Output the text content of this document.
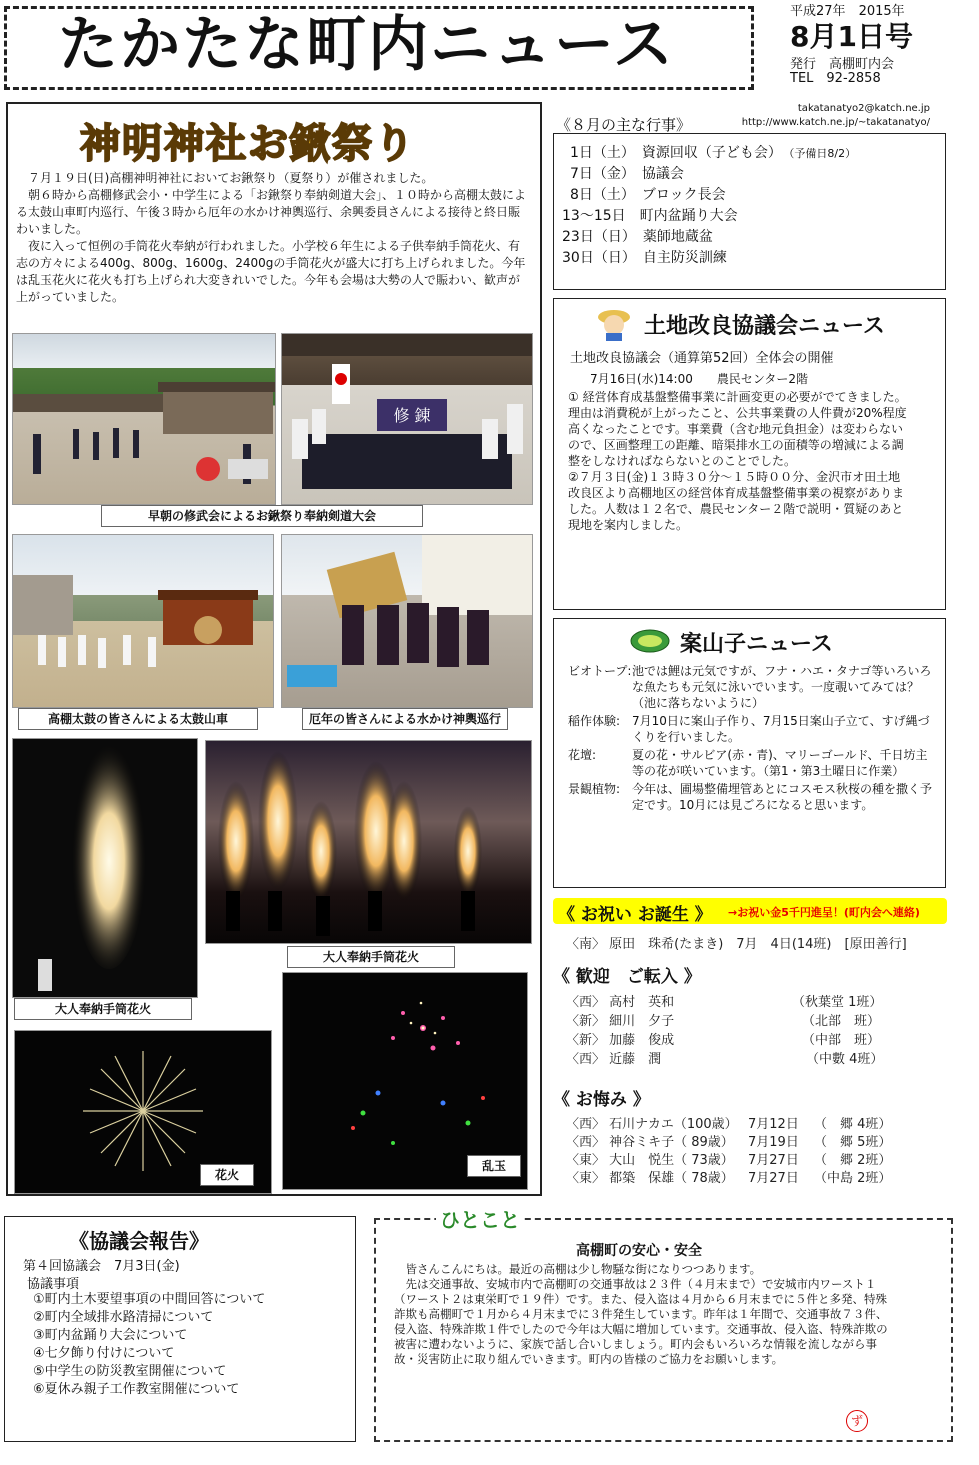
たかたな町内ニュース	平成27年　 2015年
8月1日号
発行　高棚町内会
TEL　92-2858
takatanatyo2@katch.ne.jp
http://www.katch.ne.jp/~takatanatyo/
神明神社お鍬祭り
７月１９日(日)高棚神明神社においてお鍬祭り（夏祭り）が催されました。
朝６時から高棚修武会小・中学生による「お鍬祭り奉納剣道大会」、１０時から高棚太鼓による太鼓山車町内巡行、午後３時から厄年の水かけ神輿巡行、余興委員さんによる接待と終日賑わいました。
夜に入って恒例の手筒花火奉納が行われました。小学校６年生による子供奉納手筒花火、有志の方々による400g、800g、1600g、2400gの手筒花火が盛大に打ち上げられました。今年は乱玉花火に花火も打ち上げられ大変きれいでした。今年も会場は大勢の人で賑わい、歓声が上がっていました。
修 錬
早朝の修武会によるお鍬祭り奉納剣道大会
高棚太鼓の皆さんによる太鼓山車	厄年の皆さんによる水かけ神輿巡行
大人奉納手筒花火
大人奉納手筒花火
花火
乱玉
《８月の主な行事》
1日（土）　 資源回収（子ども会）　 （予備日8/2）
7日（金）　 協議会
8日（土）　 ブロック長会
13～15日　 町内盆踊り大会
23日（日）　 薬師地蔵盆
30日（日）　 自主防災訓練
土地改良協議会ニュース
土地改良協議会（通算第52回）全体会の開催
7月16日(水)14:00　　農民センター2階
① 経営体育成基盤整備事業に計画変更の必要がでてきました。理由は消費税が上がったこと、公共事業費の人件費が20%程度高くなったことです。事業費（含む地元負担金）は変わらないので、区画整理工の距離、暗渠排水工の面積等の増減による調整をしなければならないとのことでした。
②７月３日(金)１３時３０分～１５時００分、金沢市オ田土地改良区より高棚地区の経営体育成基盤整備事業の視察がありました。人数は１２名で、農民センター２階で説明・質疑のあと現地を案内しました。
案山子ニュース
ビオトープ: 池では鯉は元気ですが、フナ・ハエ・タナゴ等いろいろな魚たちも元気に泳いでいます。一度覗いてみては？（池に落ちないように）
稲作体験: 7月10日に案山子作り、7月15日案山子立て、すげ縄づくりを行いました。
花壇:	夏の花・サルビア(赤・青)、マリーゴールド、千日坊主等の花が咲いています。（第1・第3土曜日に作業）
景観植物: 今年は、圃場整備埋管あとにコスモス秋桜の種を撒く予定です。10月には見ごろになると思います。
《 お祝い お誕生 》 →お祝い金5千円進呈！(町内会へ連絡)
〈南〉 原田　珠希(たまき)　7月　4日(14班)　[原田善行]
《 歓迎　ご転入 》
〈西〉 高村　英和	（秋葉堂 1班）
〈新〉 細川　夕子	（北部　班）
〈新〉 加藤　俊成	（中部　班）
〈西〉 近藤　潤	（中數 4班）
《 お悔み 》
〈西〉 石川ナカエ（100歳） 7月12日 （　郷 4班）
〈西〉 神谷ミキ子（ 89歳） 7月19日 （　郷 5班）
〈東〉 大山　悦生（ 73歳） 7月27日 （　郷 2班）
〈東〉 都築　保雄（ 78歳） 7月27日 （中島 2班）
《協議会報告》
第４回協議会　7月3日(金)
協議事項
①町内土木要望事項の中間回答について
②町内全域排水路清掃について
③町内盆踊り大会について
④七夕飾り付けについて
⑤中学生の防災教室開催について
⑥夏休み親子工作教室開催について
高棚町の安心・安全
皆さんこんにちは。最近の高棚は少し物騒な街になりつつあります。
先は交通事故、安城市内で高棚町の交通事故は２３件（４月末まで）で安城市内ワースト１（ワースト２は東栄町で１９件）です。また、侵入盗は４月から６月末までに５件と多発、特殊詐欺も高棚町で１月から４月末までに３件発生しています。昨年は１年間で、交通事故７３件、侵入盗、特殊詐欺１件でしたので今年は大幅に増加しています。交通事故、侵入盗、特殊詐欺の被害に遭わないように、家族で話し合いしましょう。町内会もいろいろな情報を流しながら事故・災害防止に取り組んでいきます。町内の皆様のご協力をお願いします。
ず
ひとこと
